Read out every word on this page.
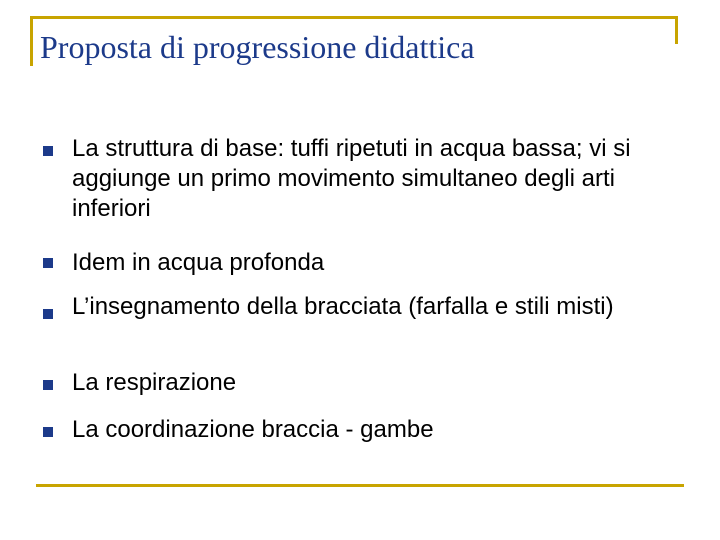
Proposta di progressione didattica
La struttura di base: tuffi ripetuti in acqua bassa; vi si aggiunge un primo movimento simultaneo degli arti inferiori
Idem in acqua profonda
L’insegnamento della bracciata (farfalla e stili misti)
La respirazione
La coordinazione braccia - gambe
